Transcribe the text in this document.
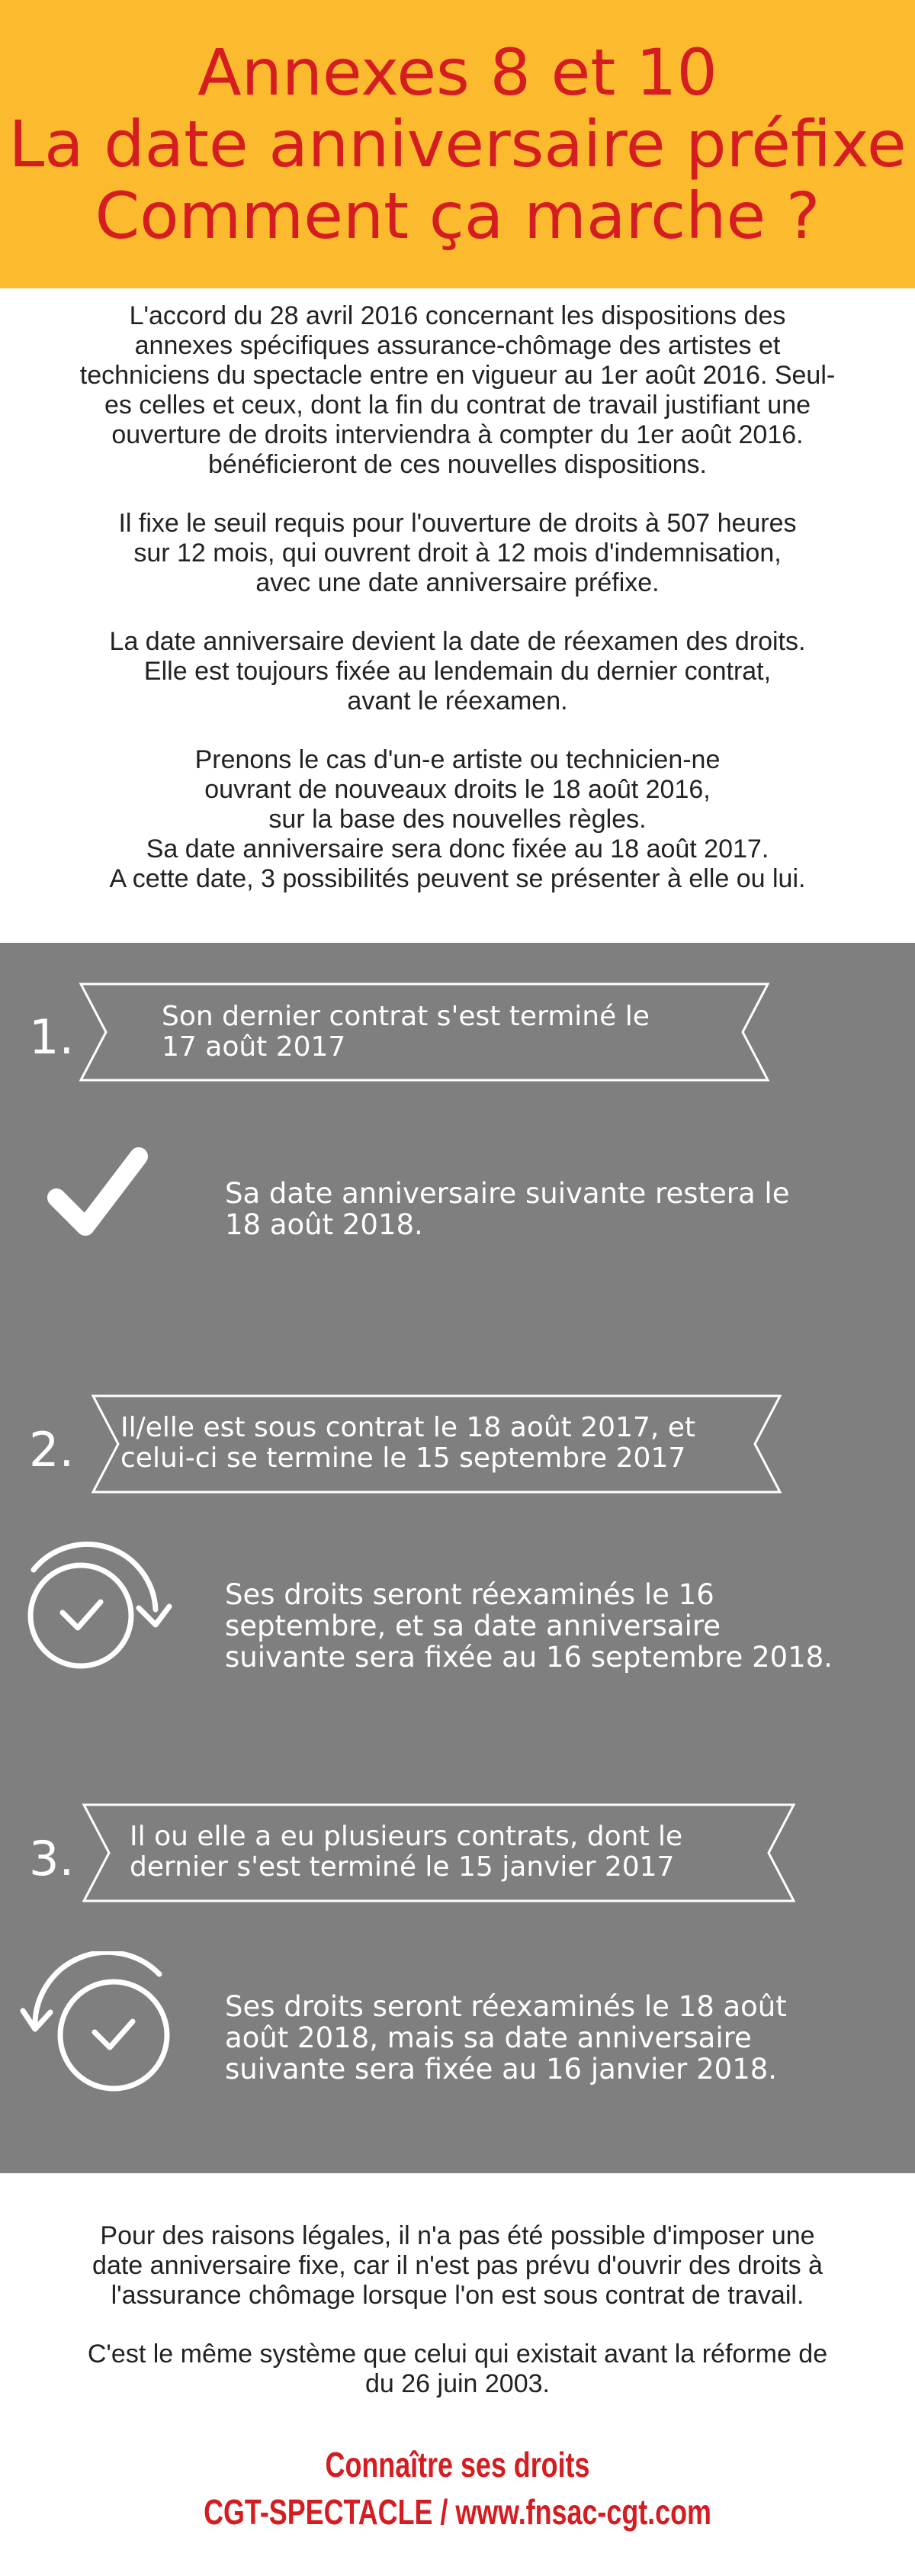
Annexes 8 et 10
La date anniversaire préfixe
Comment ça marche ?

L'accord du 28 avril 2016 concernant les dispositions des
annexes spécifiques assurance-chômage des artistes et
techniciens du spectacle entre en vigueur au 1er août 2016. Seul-
es celles et ceux, dont la fin du contrat de travail justifiant une
ouverture de droits interviendra à compter du 1er août 2016.
bénéficieront de ces nouvelles dispositions.

Il fixe le seuil requis pour l'ouverture de droits à 507 heures
sur 12 mois, qui ouvrent droit à 12 mois d'indemnisation,
avec une date anniversaire préfixe.

La date anniversaire devient la date de réexamen des droits.
Elle est toujours fixée au lendemain du dernier contrat,
avant le réexamen.

Prenons le cas d'un-e artiste ou technicien-ne
ouvrant de nouveaux droits le 18 août 2016,
sur la base des nouvelles règles.
Sa date anniversaire sera donc fixée au 18 août 2017.
A cette date, 3 possibilités peuvent se présenter à elle ou lui.

1.	Son dernier contrat s'est terminé le
17 août 2017
Sa date anniversaire suivante restera le
18 août 2018.
2. Il/elle est sous contrat le 18 août 2017, et
celui-ci se termine le 15 septembre 2017
Ses droits seront réexaminés le 16
septembre, et sa date anniversaire
suivante sera fixée au 16 septembre 2018.
3. Il ou elle a eu plusieurs contrats, dont le
dernier s'est terminé le 15 janvier 2017
Ses droits seront réexaminés le 18 août
août 2018, mais sa date anniversaire
suivante sera fixée au 16 janvier 2018.

Pour des raisons légales, il n'a pas été possible d'imposer une
date anniversaire fixe, car il n'est pas prévu d'ouvrir des droits à
l'assurance chômage lorsque l'on est sous contrat de travail.

C'est le même système que celui qui existait avant la réforme de
du 26 juin 2003.

Connaître ses droits
CGT-SPECTACLE / www.fnsac-cgt.com
